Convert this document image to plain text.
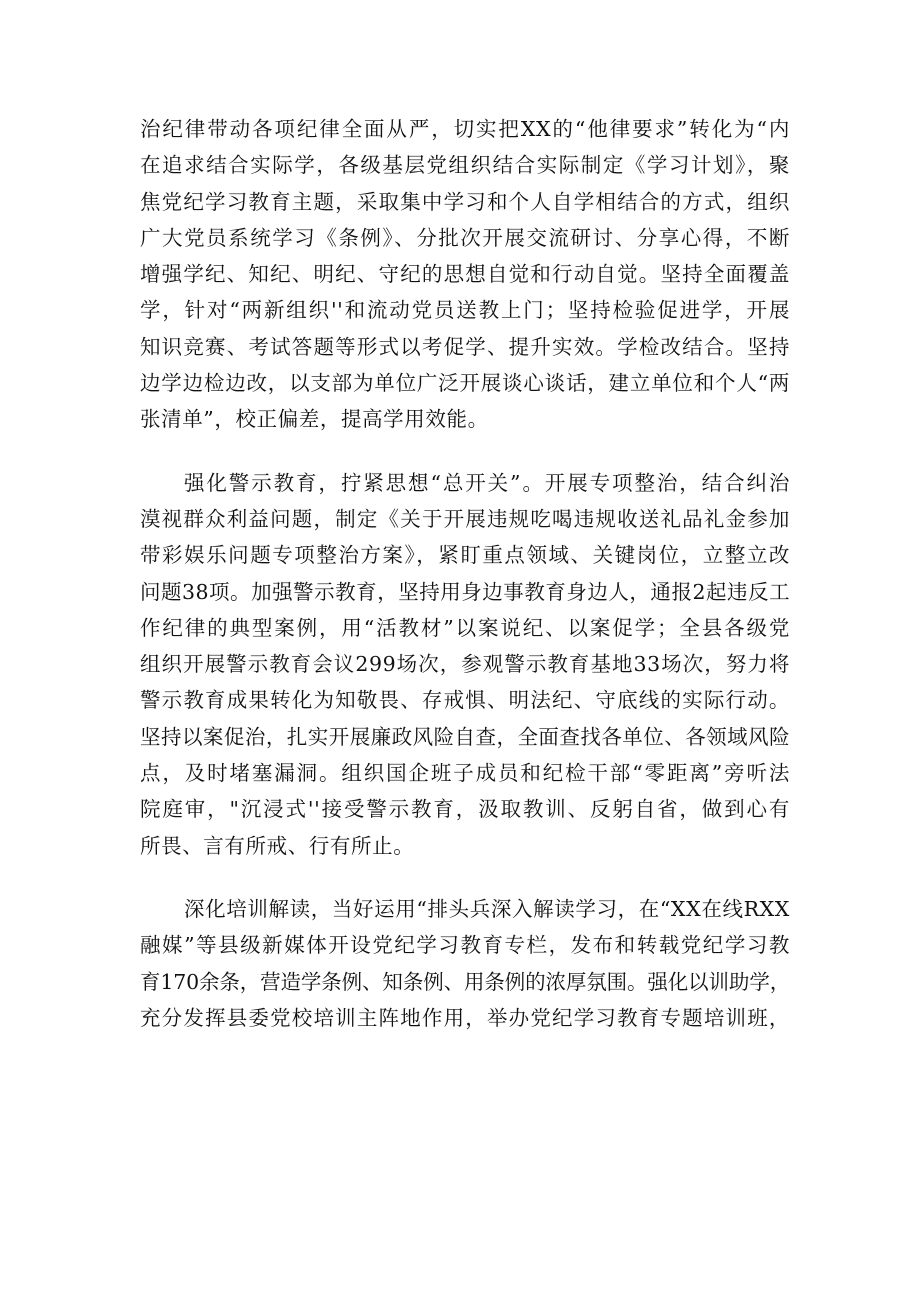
治纪律带动各项纪律全面从严，切实把XX的“他律要求”转化为“内
在追求结合实际学，各级基层党组织结合实际制定《学习计划》，聚
焦党纪学习教育主题，采取集中学习和个人自学相结合的方式，组织
广大党员系统学习《条例》、分批次开展交流研讨、分享心得，不断
增强学纪、知纪、明纪、守纪的思想自觉和行动自觉。坚持全面覆盖
学，针对“两新组织''和流动党员送教上门；坚持检验促进学，开展
知识竞赛、考试答题等形式以考促学、提升实效。学检改结合。坚持
边学边检边改，以支部为单位广泛开展谈心谈话，建立单位和个人“两
张清单”，校正偏差，提高学用效能。
强化警示教育，拧紧思想“总开关”。开展专项整治，结合纠治
漠视群众利益问题，制定《关于开展违规吃喝违规收送礼品礼金参加
带彩娱乐问题专项整治方案》，紧盯重点领域、关键岗位，立整立改
问题38项。加强警示教育，坚持用身边事教育身边人，通报2起违反工
作纪律的典型案例，用“活教材”以案说纪、以案促学；全县各级党
组织开展警示教育会议299场次，参观警示教育基地33场次，努力将
警示教育成果转化为知敬畏、存戒惧、明法纪、守底线的实际行动。
坚持以案促治，扎实开展廉政风险自查，全面查找各单位、各领域风险
点，及时堵塞漏洞。组织国企班子成员和纪检干部“零距离”旁听法
院庭审，"沉浸式''接受警示教育，汲取教训、反躬自省，做到心有
所畏、言有所戒、行有所止。
深化培训解读，当好运用“排头兵深入解读学习，在“XX在线RXX
融媒”等县级新媒体开设党纪学习教育专栏，发布和转载党纪学习教
育170余条，营造学条例、知条例、用条例的浓厚氛围。强化以训助学，
充分发挥县委党校培训主阵地作用，举办党纪学习教育专题培训班，
